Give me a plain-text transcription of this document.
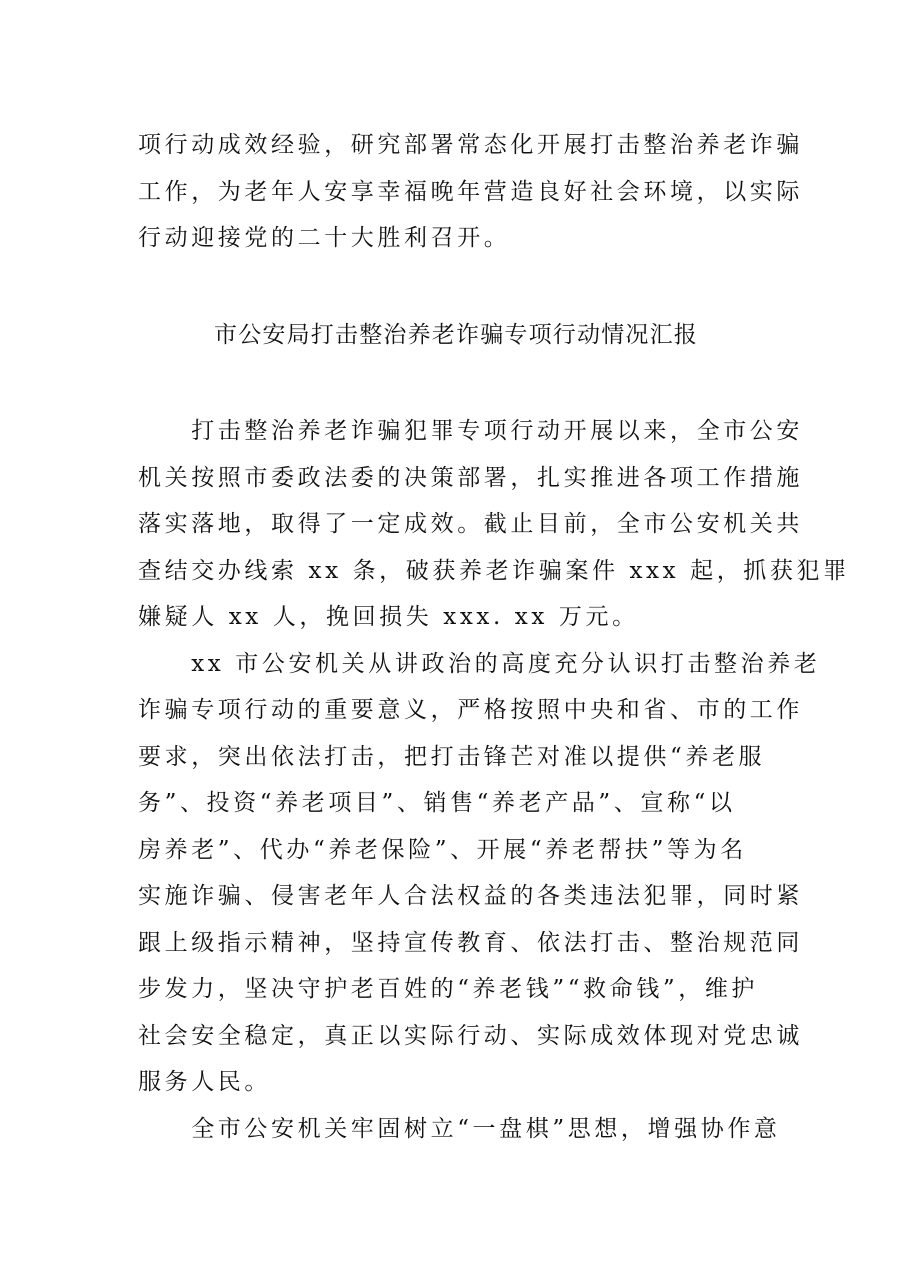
项行动成效经验，研究部署常态化开展打击整治养老诈骗
工作，为老年人安享幸福晚年营造良好社会环境，以实际
行动迎接党的二十大胜利召开。
市公安局打击整治养老诈骗专项行动情况汇报
　　打击整治养老诈骗犯罪专项行动开展以来，全市公安
机关按照市委政法委的决策部署，扎实推进各项工作措施
落实落地，取得了一定成效。截止目前，全市公安机关共
查结交办线索 xx 条，破获养老诈骗案件 xxx 起，抓获犯罪
嫌疑人 xx 人，挽回损失 xxx. xx 万元。
　　xx 市公安机关从讲政治的高度充分认识打击整治养老
诈骗专项行动的重要意义，严格按照中央和省、市的工作
要求，突出依法打击，把打击锋芒对准以提供“养老服
务”、投资“养老项目”、销售“养老产品”、宣称“以
房养老”、代办“养老保险”、开展“养老帮扶”等为名
实施诈骗、侵害老年人合法权益的各类违法犯罪，同时紧
跟上级指示精神，坚持宣传教育、依法打击、整治规范同
步发力，坚决守护老百姓的“养老钱”“救命钱”，维护
社会安全稳定，真正以实际行动、实际成效体现对党忠诚
服务人民。
　　全市公安机关牢固树立“一盘棋”思想，增强协作意
